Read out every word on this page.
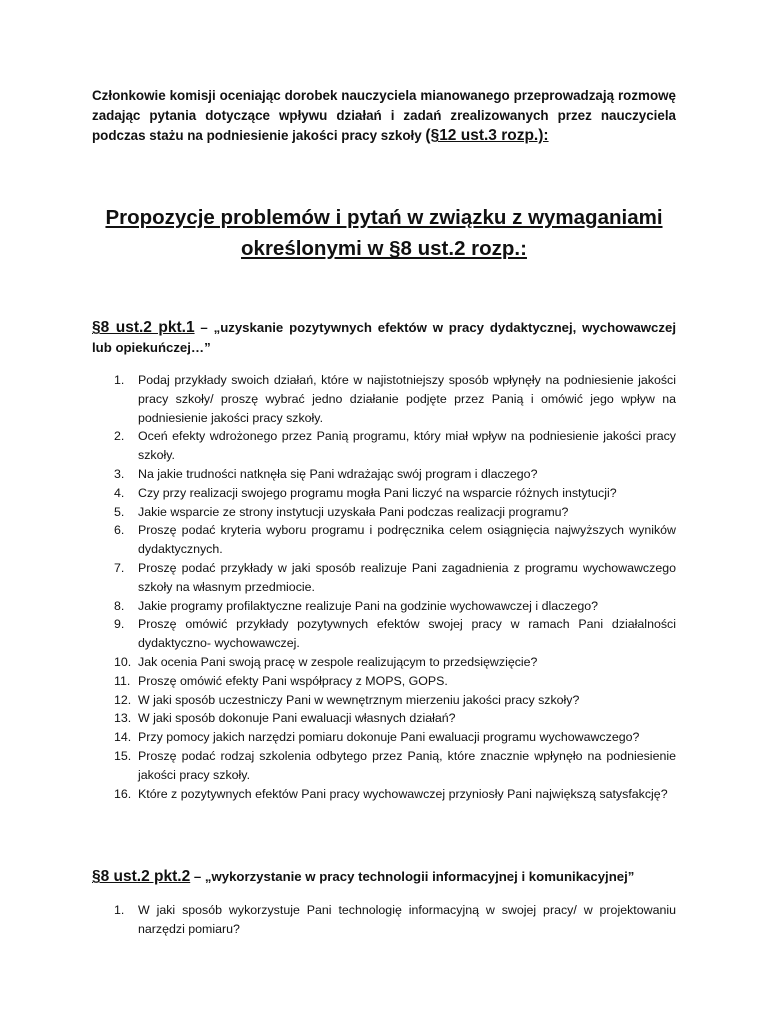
Członkowie komisji oceniając dorobek nauczyciela mianowanego przeprowadzają rozmowę zadając pytania dotyczące wpływu działań i zadań zrealizowanych przez nauczyciela podczas stażu na podniesienie jakości pracy szkoły (§12 ust.3 rozp.):

Propozycje problemów i pytań w związku z wymaganiami
określonymi w §8 ust.2 rozp.:

§8 ust.2 pkt.1 – „uzyskanie pozytywnych efektów w pracy dydaktycznej, wychowawczej lub opiekuńczej…”

1.	Podaj przykłady swoich działań, które w najistotniejszy sposób wpłynęły na podniesienie jakości pracy szkoły/ proszę wybrać jedno działanie podjęte przez Panią i omówić jego wpływ na podniesienie jakości pracy szkoły.
2.	Oceń efekty wdrożonego przez Panią programu, który miał wpływ na podniesienie jakości pracy szkoły.
3.	Na jakie trudności natknęła się Pani wdrażając swój program i dlaczego?
4.	Czy przy realizacji swojego programu mogła Pani liczyć na wsparcie różnych instytucji?
5.	Jakie wsparcie ze strony instytucji uzyskała Pani podczas realizacji programu?
6.	Proszę podać kryteria wyboru programu i podręcznika celem osiągnięcia najwyższych wyników dydaktycznych.
7.	Proszę podać przykłady w jaki sposób realizuje Pani zagadnienia z programu wychowawczego szkoły na własnym przedmiocie.
8.	Jakie programy profilaktyczne realizuje Pani na godzinie wychowawczej i dlaczego?
9.	Proszę omówić przykłady pozytywnych efektów swojej pracy w ramach Pani działalności dydaktyczno- wychowawczej.
10. Jak ocenia Pani swoją pracę w zespole realizującym to przedsięwzięcie?
11. Proszę omówić efekty Pani współpracy z MOPS, GOPS.
12. W jaki sposób uczestniczy Pani w wewnętrznym mierzeniu jakości pracy szkoły?
13. W jaki sposób dokonuje Pani ewaluacji własnych działań?
14. Przy pomocy jakich narzędzi pomiaru dokonuje Pani ewaluacji programu wychowawczego?
15. Proszę podać rodzaj szkolenia odbytego przez Panią, które znacznie wpłynęło na podniesienie jakości pracy szkoły.
16. Które z pozytywnych efektów Pani pracy wychowawczej przyniosły Pani największą satysfakcję?

§8 ust.2 pkt.2 – „wykorzystanie w pracy technologii informacyjnej i komunikacyjnej”

1.	W jaki sposób wykorzystuje Pani technologię informacyjną w swojej pracy/ w projektowaniu narzędzi pomiaru?
